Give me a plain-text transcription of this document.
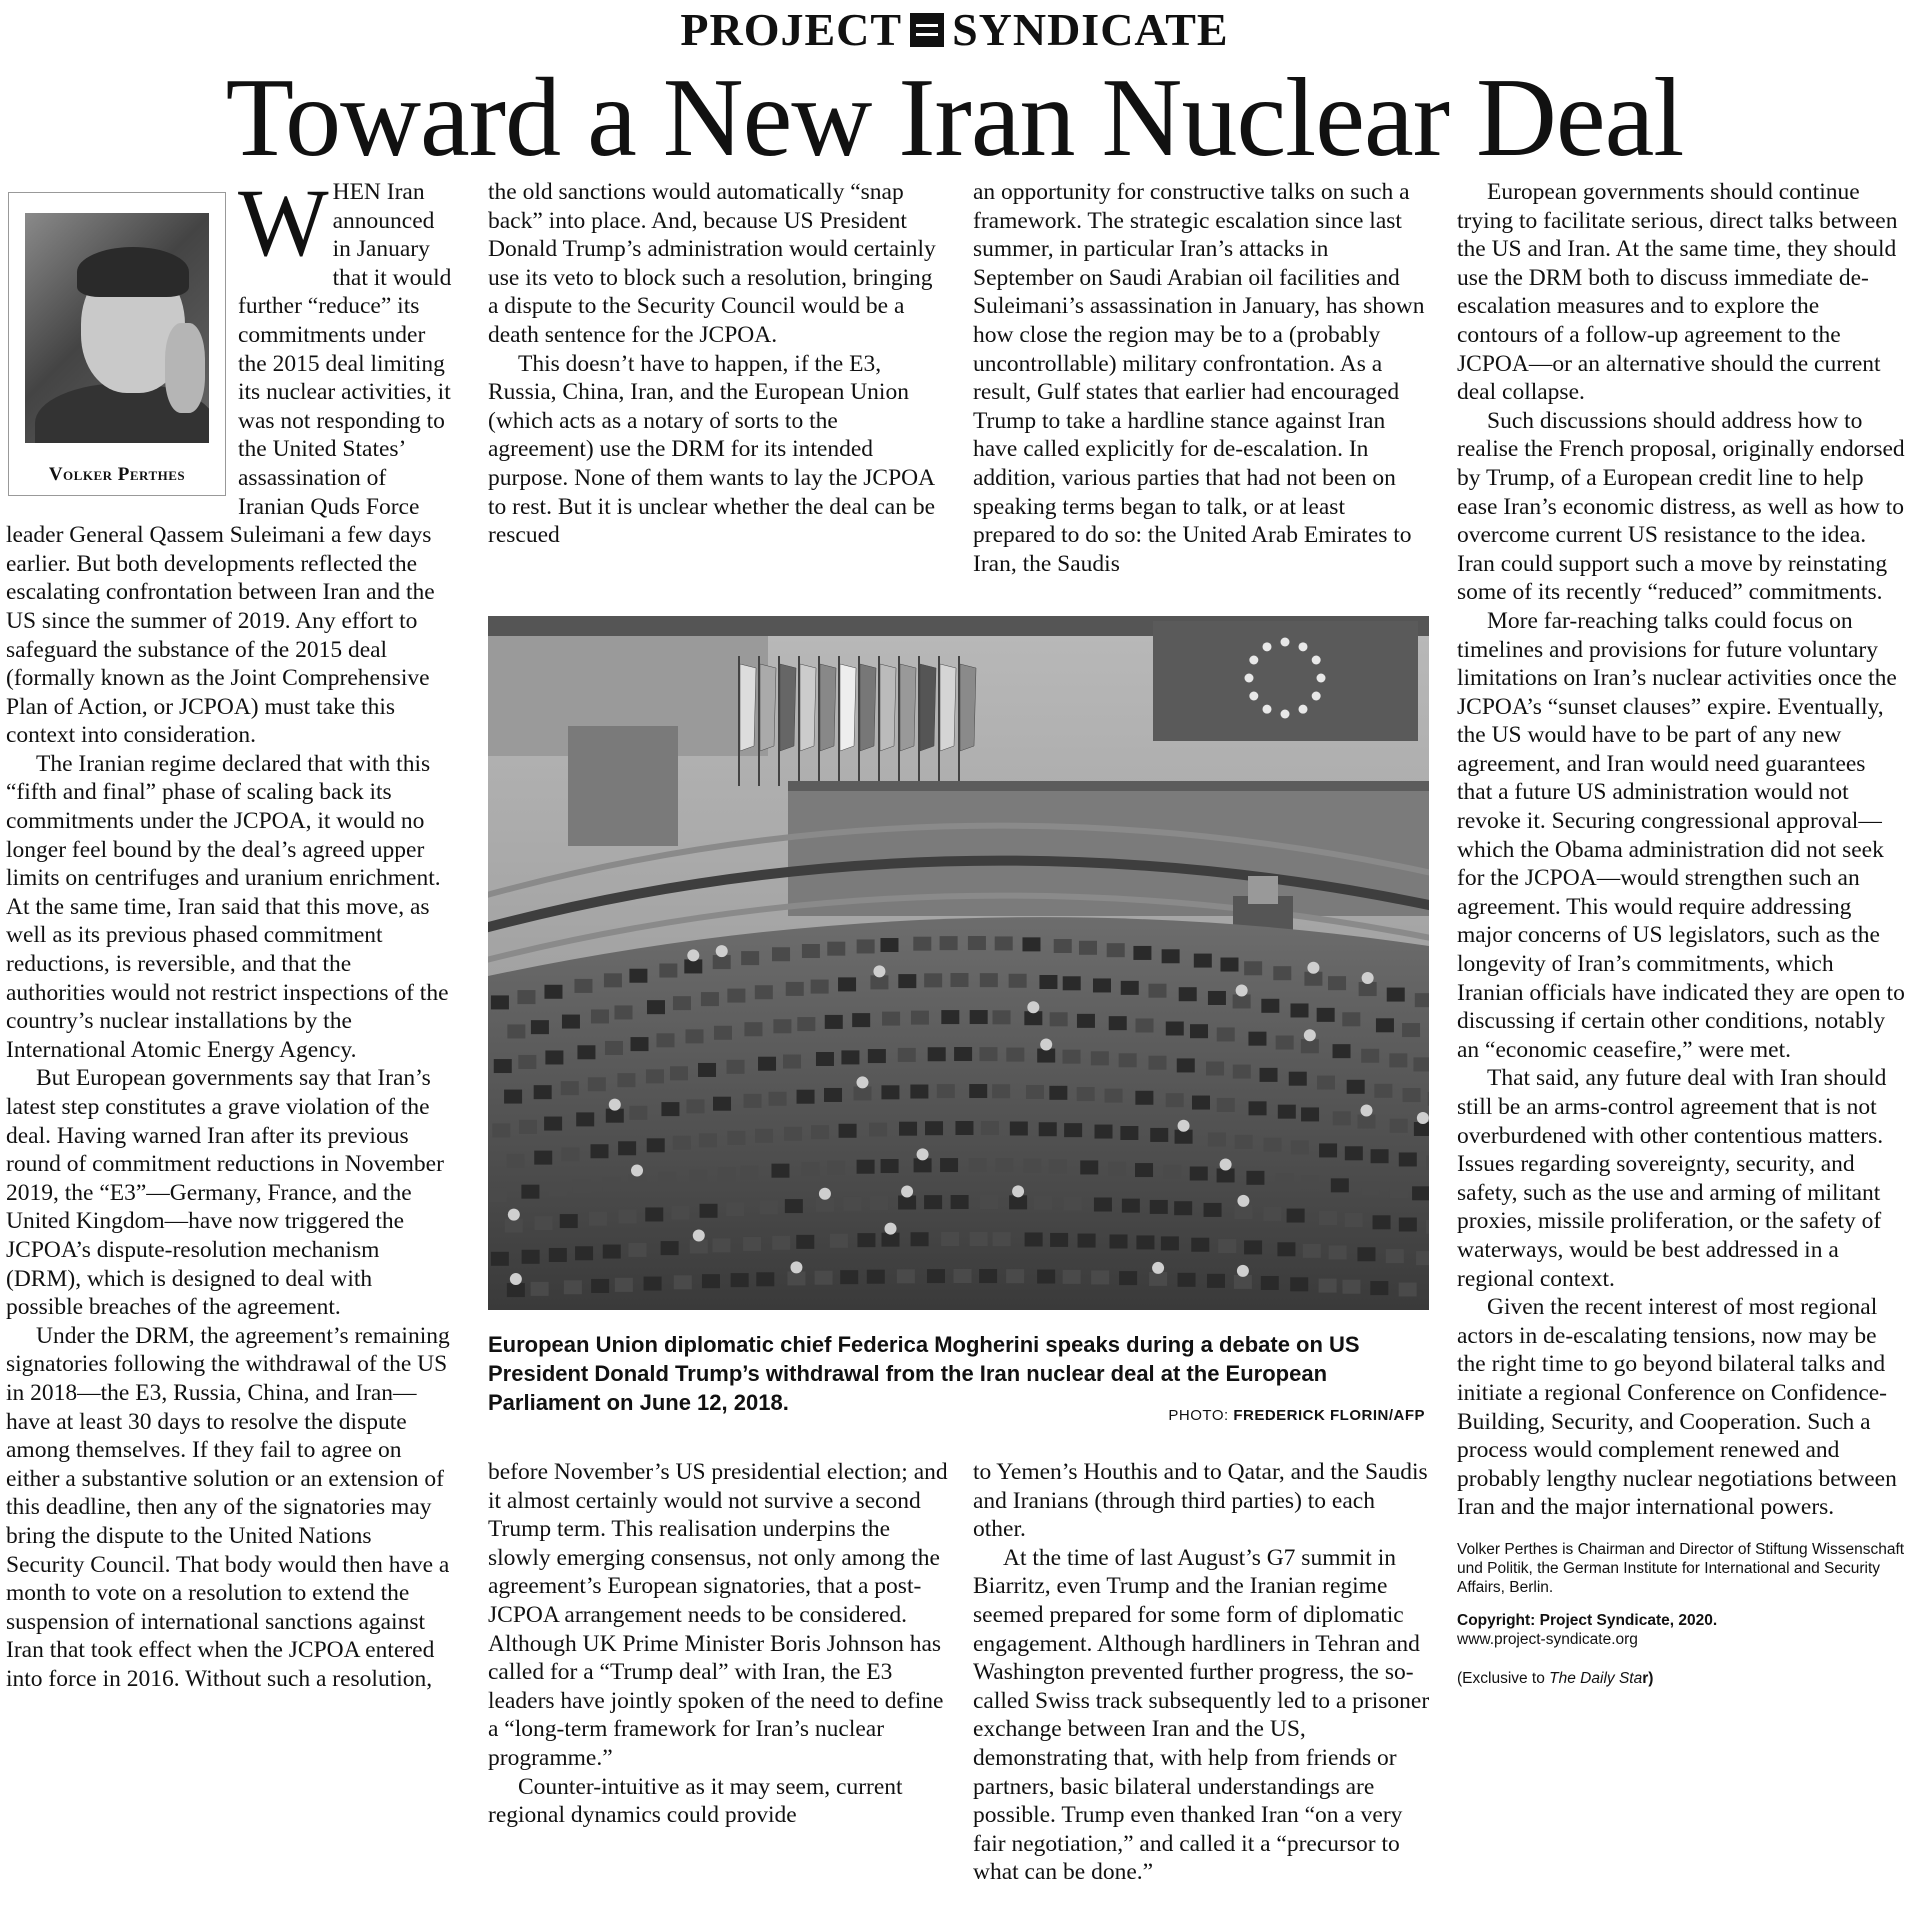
PROJECT SYNDICATE
Toward a New Iran Nuclear Deal
Volker Perthes

WHEN Iran announced in January that it would further “reduce” its commitments under the 2015 deal limiting its nuclear activities, it was not responding to the United States’ assassination of Iranian Quds Force leader General Qassem Suleimani a few days earlier. But both developments reflected the escalating confrontation between Iran and the US since the summer of 2019. Any effort to safeguard the substance of the 2015 deal (formally known as the Joint Comprehensive Plan of Action, or JCPOA) must take this context into consideration.

The Iranian regime declared that with this “fifth and final” phase of scaling back its commitments under the JCPOA, it would no longer feel bound by the deal’s agreed upper limits on centrifuges and uranium enrichment. At the same time, Iran said that this move, as well as its previous phased commitment reductions, is reversible, and that the authorities would not restrict inspections of the country’s nuclear installations by the International Atomic Energy Agency.

But European governments say that Iran’s latest step constitutes a grave violation of the deal. Having warned Iran after its previous round of commitment reductions in November 2019, the “E3”—Germany, France, and the United Kingdom—have now triggered the JCPOA’s dispute-resolution mechanism (DRM), which is designed to deal with possible breaches of the agreement.

Under the DRM, the agreement’s remaining signatories following the withdrawal of the US in 2018—the E3, Russia, China, and Iran—have at least 30 days to resolve the dispute among themselves. If they fail to agree on either a substantive solution or an extension of this deadline, then any of the signatories may bring the dispute to the United Nations Security Council. That body would then have a month to vote on a resolution to extend the suspension of international sanctions against Iran that took effect when the JCPOA entered into force in 2016. Without such a resolution,

the old sanctions would automatically “snap back” into place. And, because US President Donald Trump’s administration would certainly use its veto to block such a resolution, bringing a dispute to the Security Council would be a death sentence for the JCPOA.

This doesn’t have to happen, if the E3, Russia, China, Iran, and the European Union (which acts as a notary of sorts to the agreement) use the DRM for its intended purpose. None of them wants to lay the JCPOA to rest. But it is unclear whether the deal can be rescued

an opportunity for constructive talks on such a framework. The strategic escalation since last summer, in particular Iran’s attacks in September on Saudi Arabian oil facilities and Suleimani’s assassination in January, has shown how close the region may be to a (probably uncontrollable) military confrontation. As a result, Gulf states that earlier had encouraged Trump to take a hardline stance against Iran have called explicitly for de-escalation. In addition, various parties that had not been on speaking terms began to talk, or at least prepared to do so: the United Arab Emirates to Iran, the Saudis

European Union diplomatic chief Federica Mogherini speaks during a debate on US President Donald Trump’s withdrawal from the Iran nuclear deal at the European Parliament on June 12, 2018.
PHOTO: FREDERICK FLORIN/AFP

before November’s US presidential election; and it almost certainly would not survive a second Trump term. This realisation underpins the slowly emerging consensus, not only among the agreement’s European signatories, that a post-JCPOA arrangement needs to be considered. Although UK Prime Minister Boris Johnson has called for a “Trump deal” with Iran, the E3 leaders have jointly spoken of the need to define a “long-term framework for Iran’s nuclear programme.”

Counter-intuitive as it may seem, current regional dynamics could provide

to Yemen’s Houthis and to Qatar, and the Saudis and Iranians (through third parties) to each other.

At the time of last August’s G7 summit in Biarritz, even Trump and the Iranian regime seemed prepared for some form of diplomatic engagement. Although hardliners in Tehran and Washington prevented further progress, the so-called Swiss track subsequently led to a prisoner exchange between Iran and the US, demonstrating that, with help from friends or partners, basic bilateral understandings are possible. Trump even thanked Iran “on a very fair negotiation,” and called it a “precursor to what can be done.”

European governments should continue trying to facilitate serious, direct talks between the US and Iran. At the same time, they should use the DRM both to discuss immediate de-escalation measures and to explore the contours of a follow-up agreement to the JCPOA—or an alternative should the current deal collapse.

Such discussions should address how to realise the French proposal, originally endorsed by Trump, of a European credit line to help ease Iran’s economic distress, as well as how to overcome current US resistance to the idea. Iran could support such a move by reinstating some of its recently “reduced” commitments.

More far-reaching talks could focus on timelines and provisions for future voluntary limitations on Iran’s nuclear activities once the JCPOA’s “sunset clauses” expire. Eventually, the US would have to be part of any new agreement, and Iran would need guarantees that a future US administration would not revoke it. Securing congressional approval—which the Obama administration did not seek for the JCPOA—would strengthen such an agreement. This would require addressing major concerns of US legislators, such as the longevity of Iran’s commitments, which Iranian officials have indicated they are open to discussing if certain other conditions, notably an “economic ceasefire,” were met.

That said, any future deal with Iran should still be an arms-control agreement that is not overburdened with other contentious matters. Issues regarding sovereignty, security, and safety, such as the use and arming of militant proxies, missile proliferation, or the safety of waterways, would be best addressed in a regional context.

Given the recent interest of most regional actors in de-escalating tensions, now may be the right time to go beyond bilateral talks and initiate a regional Conference on Confidence-Building, Security, and Cooperation. Such a process would complement renewed and probably lengthy nuclear negotiations between Iran and the major international powers.

Volker Perthes is Chairman and Director of Stiftung Wissenschaft und Politik, the German Institute for International and Security Affairs, Berlin.
Copyright: Project Syndicate, 2020.
www.project-syndicate.org
(Exclusive to The Daily Star)
